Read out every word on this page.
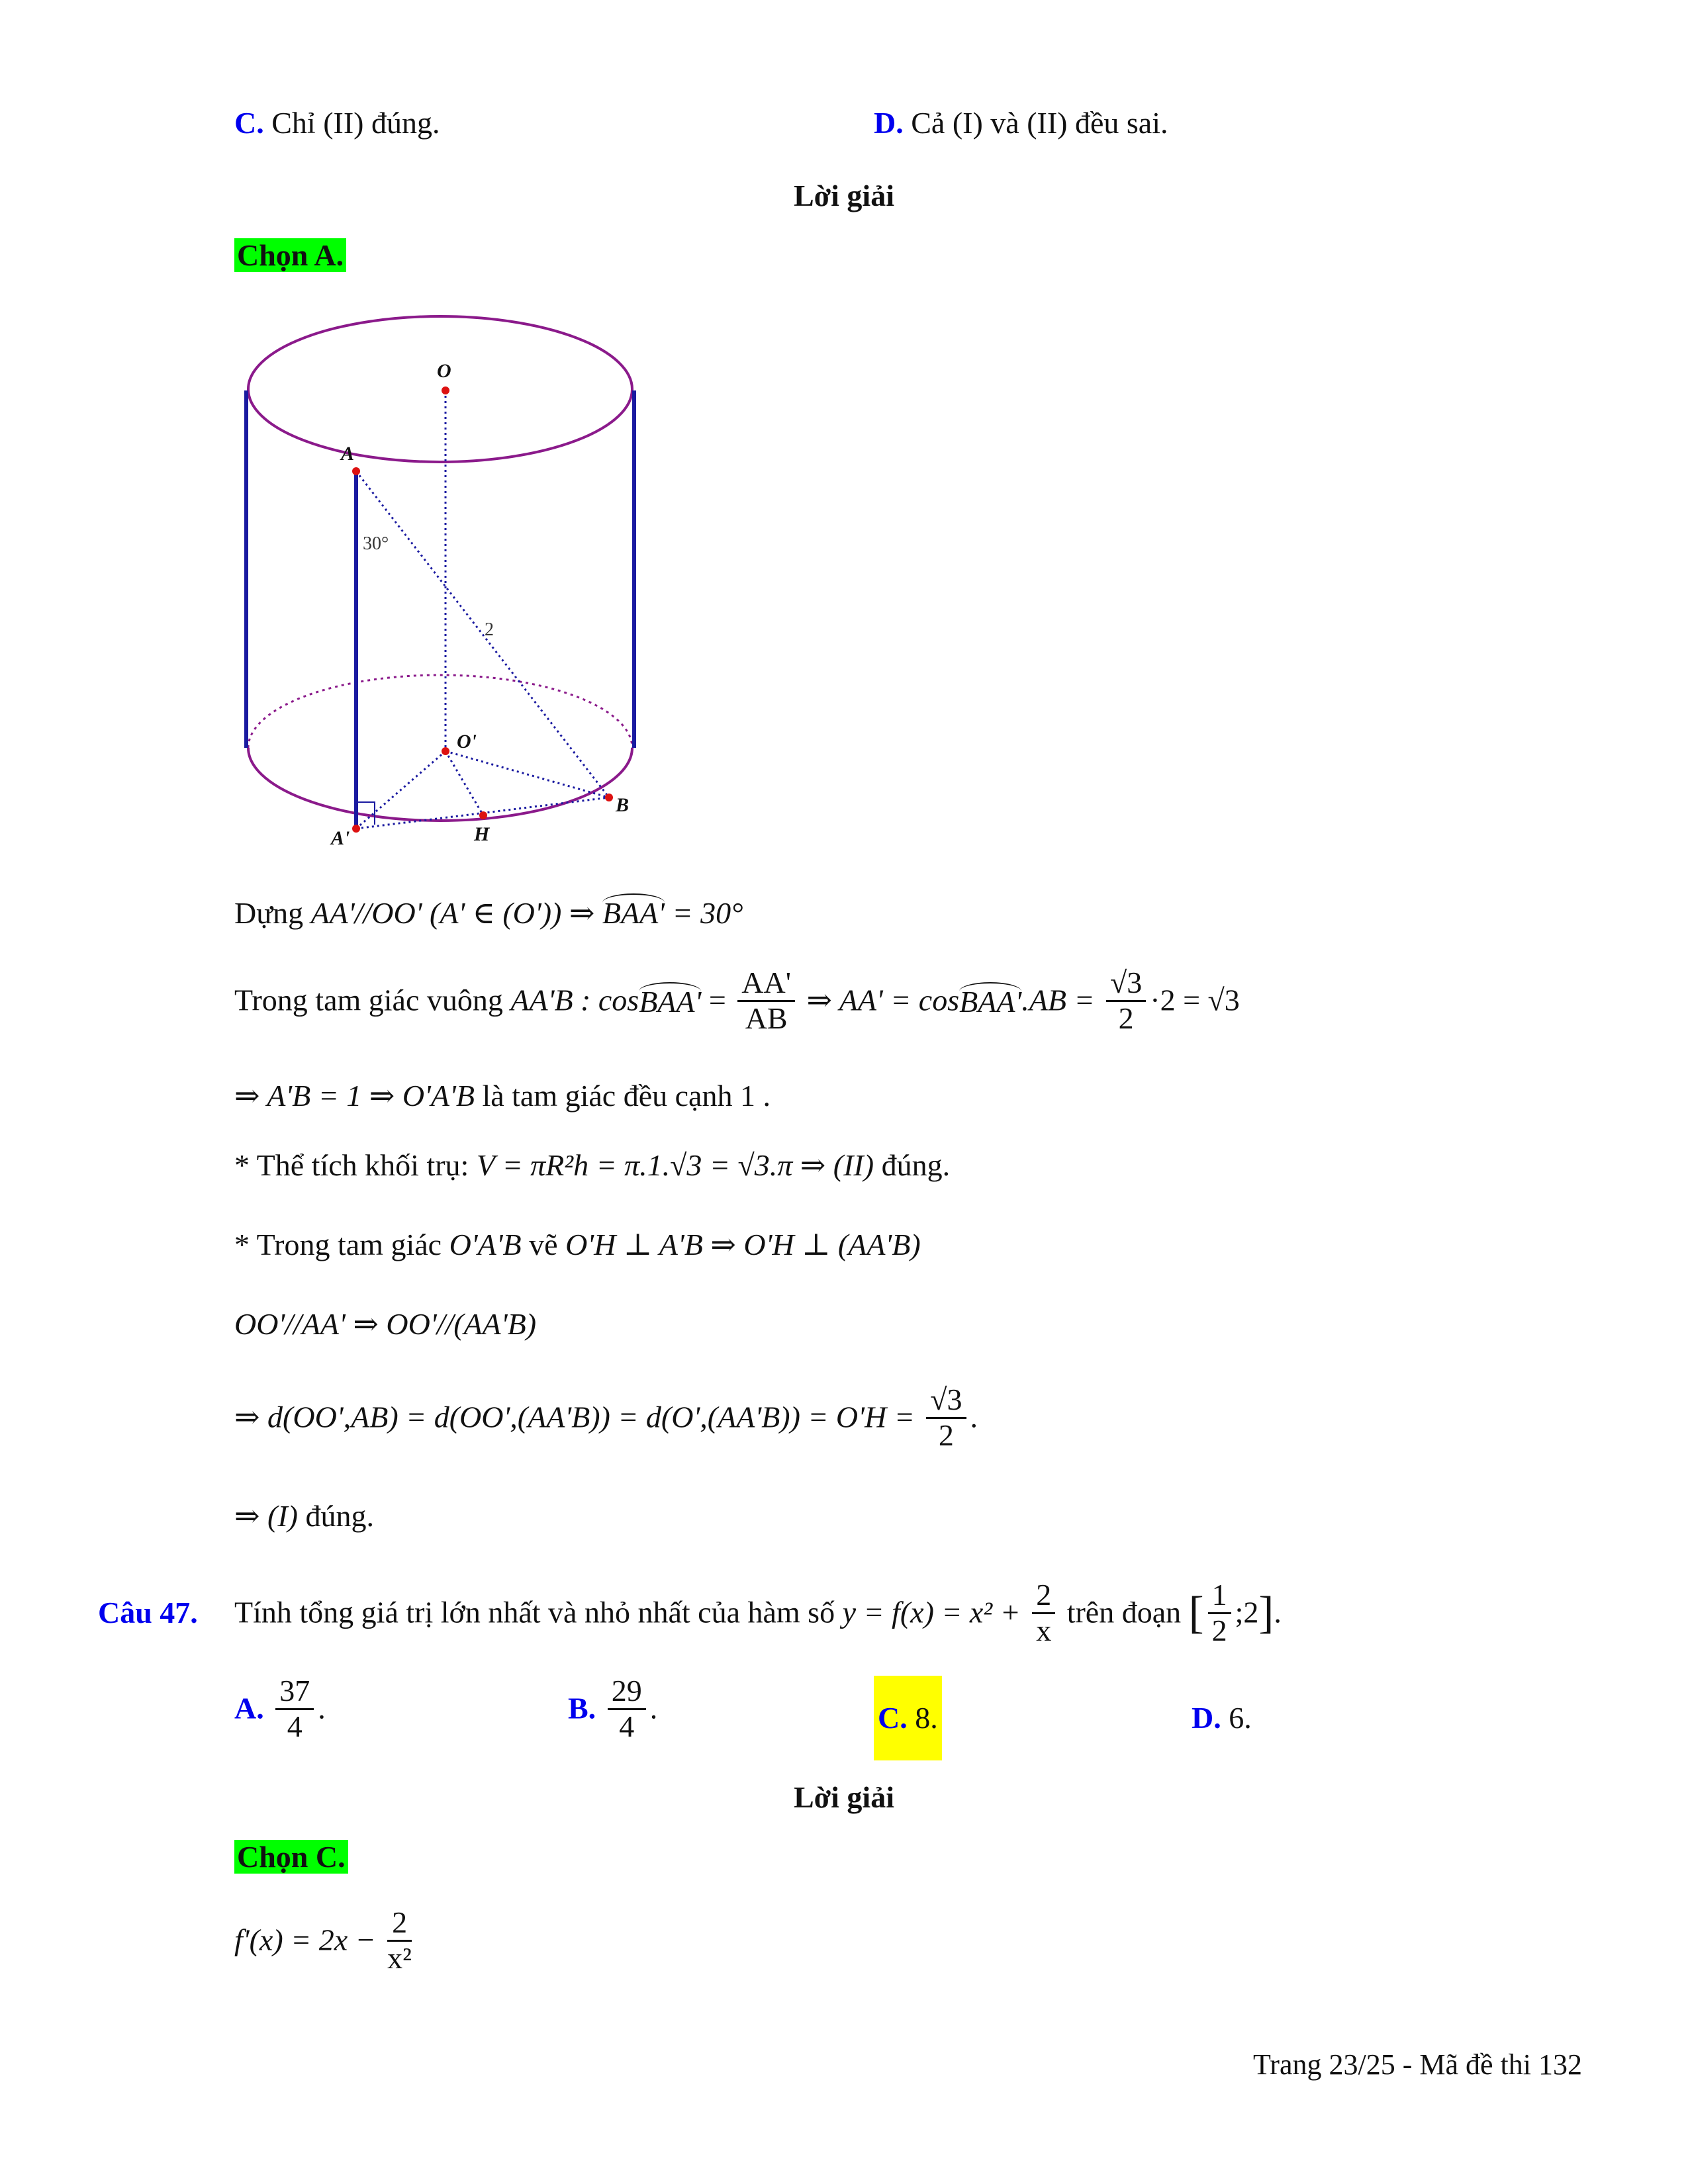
C. Chỉ (II) đúng.	D. Cả (I) và (II) đều sai.
Lời giải
Chọn A.
O
A
30°
2
O'
B
H
A'
Dựng AA'//OO' (A' ∈ (O')) ⇒ BAA' = 30°
Trong tam giác vuông AA'B : cosBAA' = $\frac{AA'}{AB}$ ⇒ AA' = cosBAA'.AB = $\frac{√3}{2} \cdot 2 = √3$
⇒ A'B = 1 ⇒ O'A'B là tam giác đều cạnh 1 .
* Thể tích khối trụ: V = πR²h = π.1.√3 = √3.π ⇒ (II) đúng.
* Trong tam giác O'A'B vẽ O'H ⊥ A'B ⇒ O'H ⊥ (AA'B)
OO'//AA' ⇒ OO'//(AA'B)
⇒ $d(OO',AB) = d(OO',(AA'B)) = d(O',(AA'B)) = O'H = \frac{√3}{2}$ .
⇒ (I) đúng.
Câu 47. Tính tổng giá trị lớn nhất và nhỏ nhất của hàm số $y = f(x) = x^2 + \frac{2}{x}$ trên đoạn [ $\frac{1}{2}$ ;2].
A. $\frac{37}{4}$ .	B. $\frac{29}{4}$ .	C. 8.	D. 6.
Lời giải
Chọn C.
$f'(x) = 2x - \frac{2}{\text{x²}}$
Trang 23/25 - Mã đề thi 132
